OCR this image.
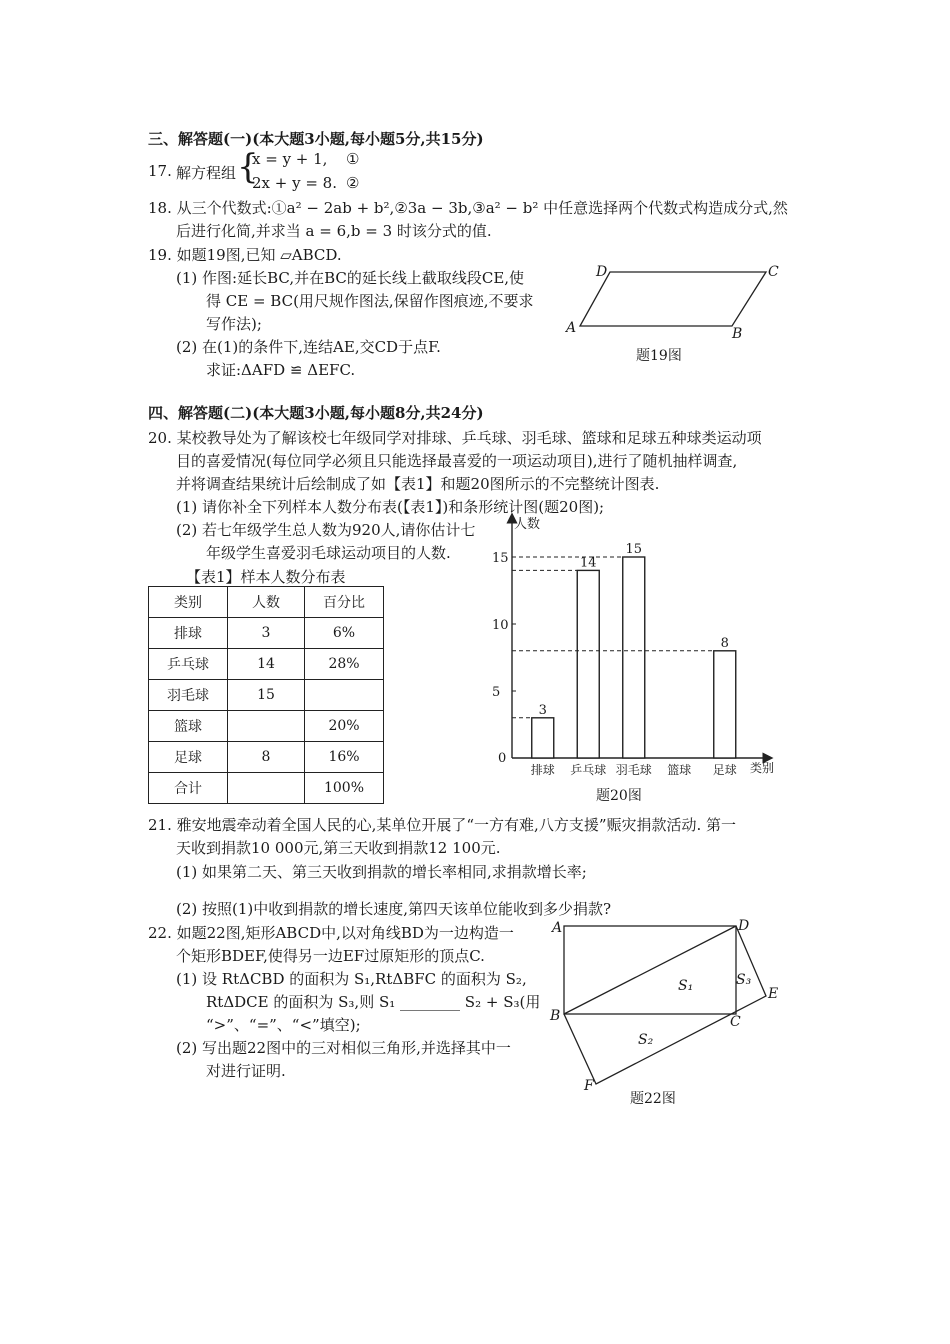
三、解答题(一)(本大题3小题,每小题5分,共15分)
17. 解方程组 {
x = y + 1, ①
2x + y = 8. ②
18. 从三个代数式:①a² − 2ab + b²,②3a − 3b,③a² − b² 中任意选择两个代数式构造成分式,然
后进行化简,并求当 a = 6,b = 3 时该分式的值.
19. 如题19图,已知 ▱ABCD.
(1) 作图:延长BC,并在BC的延长线上截取线段CE,使
得 CE = BC(用尺规作图法,保留作图痕迹,不要求
写作法);
(2) 在(1)的条件下,连结AE,交CD于点F.
求证:ΔAFD ≌ ΔEFC.
A	B
C
D
题19图
四、解答题(二)(本大题3小题,每小题8分,共24分)
20. 某校教导处为了解该校七年级同学对排球、乒乓球、羽毛球、篮球和足球五种球类运动项
目的喜爱情况(每位同学必须且只能选择最喜爱的一项运动项目),进行了随机抽样调查,
并将调查结果统计后绘制成了如【表1】和题20图所示的不完整统计图表.
(1) 请你补全下列样本人数分布表(【表1】)和条形统计图(题20图);
(2) 若七年级学生总人数为920人,请你估计七
年级学生喜爱羽毛球运动项目的人数.
【表1】样本人数分布表
类别	人数	百分比
排球	3	6%
乒乓球	14	28%
羽毛球	15	
篮球		20%
足球	8	16%
合计		100%
人数
类别
0
5
10
15
3
排球
14
乒乓球
15
羽毛球 篮球
8
足球
题20图
21. 雅安地震牵动着全国人民的心,某单位开展了“一方有难,八方支援”赈灾捐款活动. 第一
天收到捐款10 000元,第三天收到捐款12 100元.
(1) 如果第二天、第三天收到捐款的增长率相同,求捐款增长率;
(2) 按照(1)中收到捐款的增长速度,第四天该单位能收到多少捐款?
22. 如题22图,矩形ABCD中,以对角线BD为一边构造一
个矩形BDEF,使得另一边EF过原矩形的顶点C.
(1) 设 RtΔCBD 的面积为 S₁,RtΔBFC 的面积为 S₂,
RtΔDCE 的面积为 S₃,则 S₁ ________ S₂ + S₃(用
“>”、“=”、“<”填空);
(2) 写出题22图中的三对相似三角形,并选择其中一
对进行证明.
A	D
B	C
E
F
S₁
S₂
S₃
题22图
